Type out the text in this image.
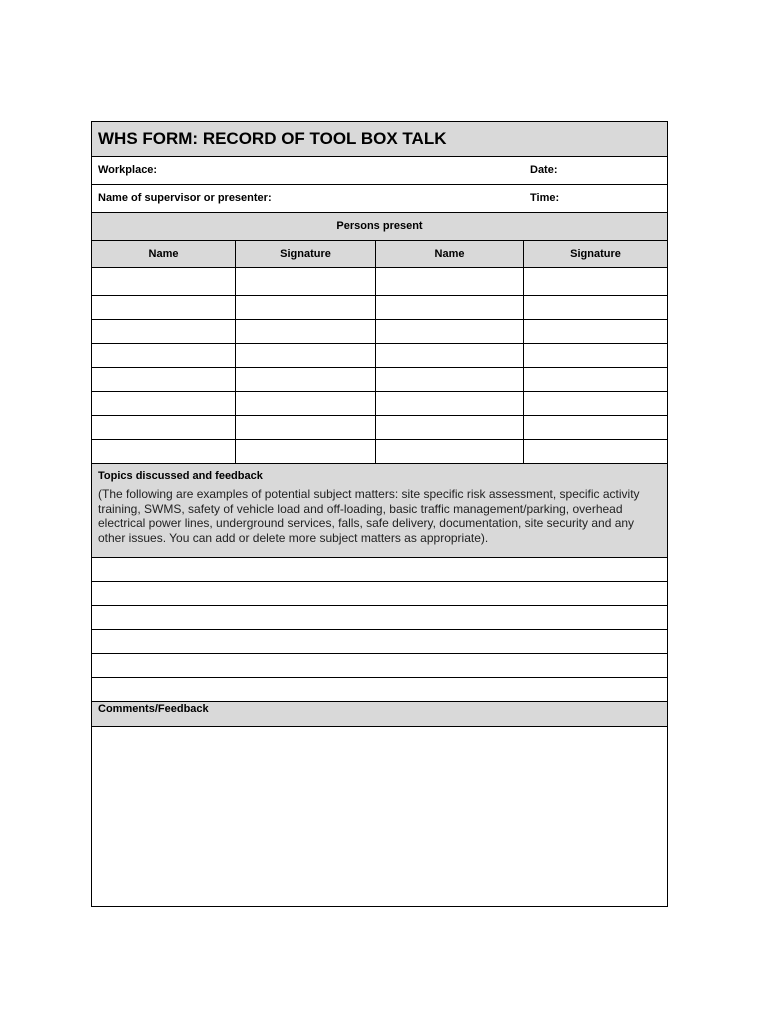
WHS FORM: RECORD OF TOOL BOX TALK
Workplace:	Date:
Name of supervisor or presenter:	Time:
Persons present
Name	Signature	Name	Signature
Topics discussed and feedback
(The following are examples of potential subject matters: site specific risk assessment, specific activity training, SWMS, safety of vehicle load and off-loading, basic traffic management/parking, overhead electrical power lines, underground services, falls, safe delivery, documentation, site security and any other issues. You can add or delete more subject matters as appropriate).
Comments/Feedback
